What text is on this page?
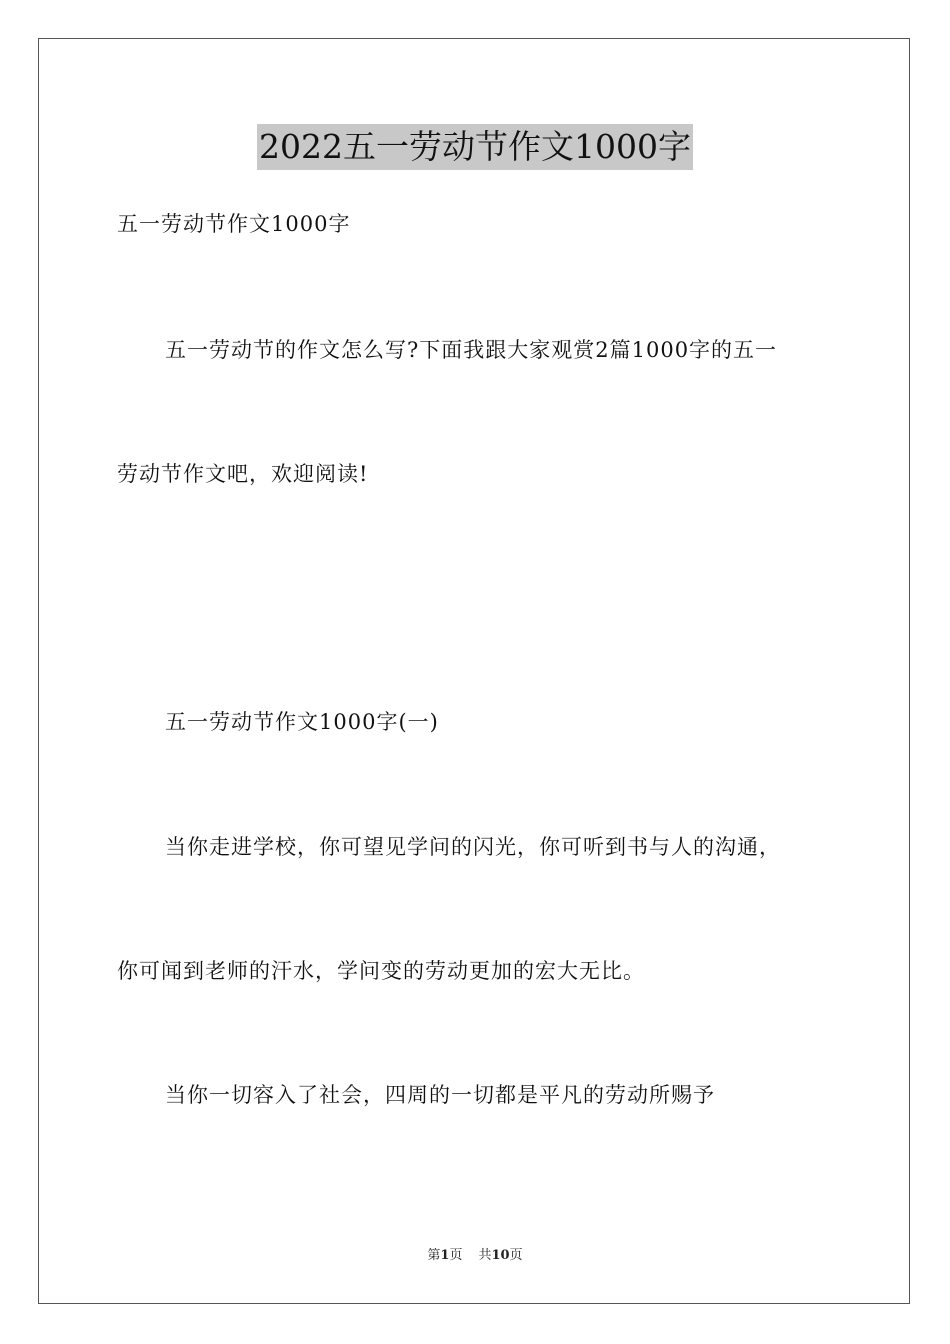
2022五一劳动节作文1000字
五一劳动节作文1000字
五一劳动节的作文怎么写?下面我跟大家观赏2篇1000字的五一
劳动节作文吧，欢迎阅读!
五一劳动节作文1000字(一)
当你走进学校，你可望见学问的闪光，你可听到书与人的沟通，
你可闻到老师的汗水，学问变的劳动更加的宏大无比。
当你一切容入了社会，四周的一切都是平凡的劳动所赐予
第1页 共10页
